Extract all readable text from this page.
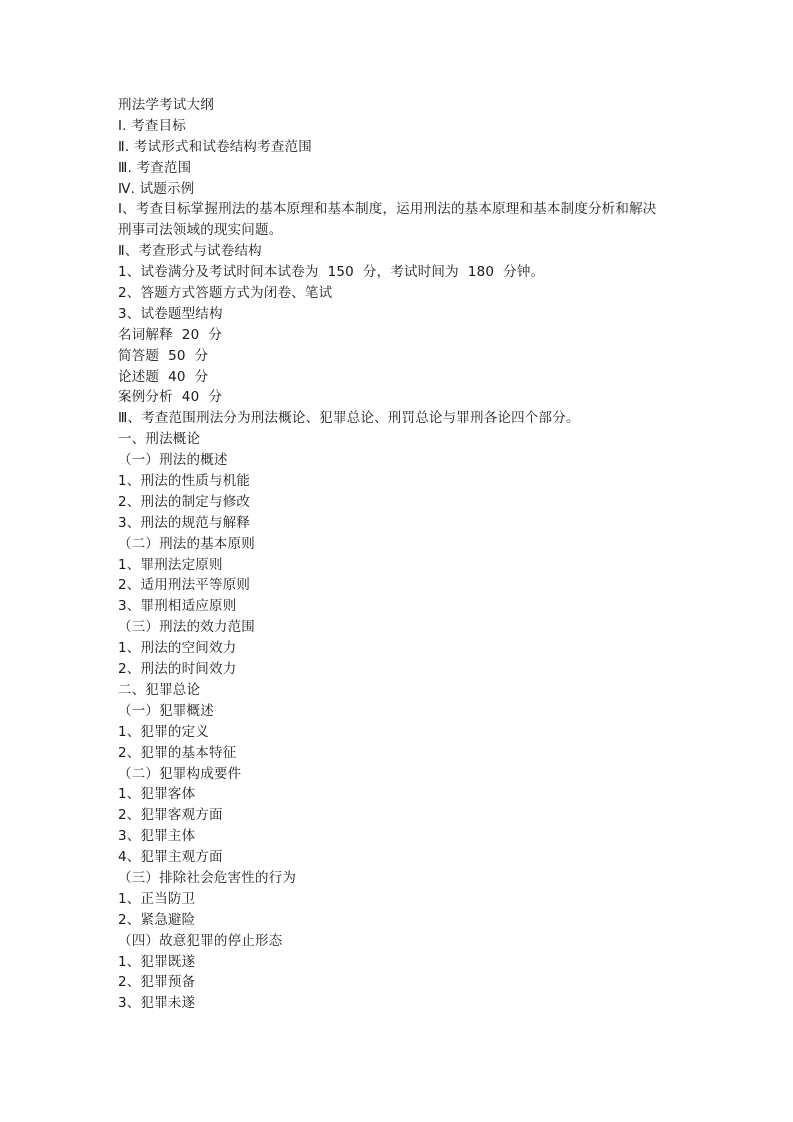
刑法学考试大纲
Ⅰ. 考查目标
Ⅱ. 考试形式和试卷结构考查范围
Ⅲ. 考查范围
Ⅳ. 试题示例
Ⅰ、考查目标掌握刑法的基本原理和基本制度，运用刑法的基本原理和基本制度分析和解决
刑事司法领域的现实问题。
Ⅱ、考查形式与试卷结构
1、试卷满分及考试时间本试卷为  150  分，考试时间为  180  分钟。
2、答题方式答题方式为闭卷、笔试
3、试卷题型结构
名词解释  20  分
简答题  50  分
论述题  40  分
案例分析  40  分
Ⅲ、考查范围刑法分为刑法概论、犯罪总论、刑罚总论与罪刑各论四个部分。
一、刑法概论
（一）刑法的概述
1、刑法的性质与机能
2、刑法的制定与修改
3、刑法的规范与解释
（二）刑法的基本原则
1、罪刑法定原则
2、适用刑法平等原则
3、罪刑相适应原则
（三）刑法的效力范围
1、刑法的空间效力
2、刑法的时间效力
二、犯罪总论
（一）犯罪概述
1、犯罪的定义
2、犯罪的基本特征
（二）犯罪构成要件
1、犯罪客体
2、犯罪客观方面
3、犯罪主体
4、犯罪主观方面
（三）排除社会危害性的行为
1、正当防卫
2、紧急避险
（四）故意犯罪的停止形态
1、犯罪既遂
2、犯罪预备
3、犯罪未遂
